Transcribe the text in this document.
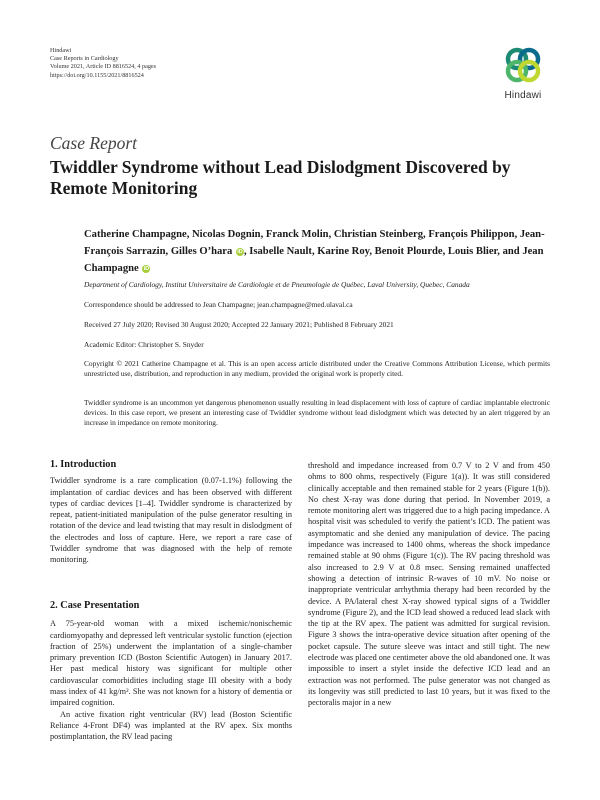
Hindawi
Case Reports in Cardiology
Volume 2021, Article ID 8816524, 4 pages
https://doi.org/10.1155/2021/8816524
Hindawi
Case Report
Twiddler Syndrome without Lead Dislodgment Discovered by Remote Monitoring
Catherine Champagne, Nicolas Dognin, Franck Molin, Christian Steinberg, François Philippon, Jean-François Sarrazin, Gilles O’hara iD, Isabelle Nault, Karine Roy, Benoit Plourde, Louis Blier, and Jean Champagne iD
Department of Cardiology, Institut Universitaire de Cardiologie et de Pneumologie de Québec, Laval University, Quebec, Canada
Correspondence should be addressed to Jean Champagne; jean.champagne@med.ulaval.ca
Received 27 July 2020; Revised 30 August 2020; Accepted 22 January 2021; Published 8 February 2021
Academic Editor: Christopher S. Snyder
Copyright © 2021 Catherine Champagne et al. This is an open access article distributed under the Creative Commons Attribution License, which permits unrestricted use, distribution, and reproduction in any medium, provided the original work is properly cited.
Twiddler syndrome is an uncommon yet dangerous phenomenon usually resulting in lead displacement with loss of capture of cardiac implantable electronic devices. In this case report, we present an interesting case of Twiddler syndrome without lead dislodgment which was detected by an alert triggered by an increase in impedance on remote monitoring.
1. Introduction

Twiddler syndrome is a rare complication (0.07-1.1%) following the implantation of cardiac devices and has been observed with different types of cardiac devices [1–4]. Twiddler syndrome is characterized by repeat, patient-initiated manipulation of the pulse generator resulting in rotation of the device and lead twisting that may result in dislodgment of the electrodes and loss of capture. Here, we report a rare case of Twiddler syndrome that was diagnosed with the help of remote monitoring.

2. Case Presentation

A 75-year-old woman with a mixed ischemic/nonischemic cardiomyopathy and depressed left ventricular systolic function (ejection fraction of 25%) underwent the implantation of a single-chamber primary prevention ICD (Boston Scientific Autogen) in January 2017. Her past medical history was significant for multiple other cardiovascular comorbidities including stage III obesity with a body mass index of 41 kg/m². She was not known for a history of dementia or impaired cognition.

An active fixation right ventricular (RV) lead (Boston Scientific Reliance 4-Front DF4) was implanted at the RV apex. Six months postimplantation, the RV lead pacing

threshold and impedance increased from 0.7 V to 2 V and from 450 ohms to 800 ohms, respectively (Figure 1(a)). It was still considered clinically acceptable and then remained stable for 2 years (Figure 1(b)). No chest X-ray was done during that period. In November 2019, a remote monitoring alert was triggered due to a high pacing impedance. A hospital visit was scheduled to verify the patient’s ICD. The patient was asymptomatic and she denied any manipulation of device. The pacing impedance was increased to 1400 ohms, whereas the shock impedance remained stable at 90 ohms (Figure 1(c)). The RV pacing threshold was also increased to 2.9 V at 0.8 msec. Sensing remained unaffected showing a detection of intrinsic R-waves of 10 mV. No noise or inappropriate ventricular arrhythmia therapy had been recorded by the device. A PA/lateral chest X-ray showed typical signs of a Twiddler syndrome (Figure 2), and the ICD lead showed a reduced lead slack with the tip at the RV apex. The patient was admitted for surgical revision. Figure 3 shows the intra-operative device situation after opening of the pocket capsule. The suture sleeve was intact and still tight. The new electrode was placed one centimeter above the old abandoned one. It was impossible to insert a stylet inside the defective ICD lead and an extraction was not performed. The pulse generator was not changed as its longevity was still predicted to last 10 years, but it was fixed to the pectoralis major in a new
